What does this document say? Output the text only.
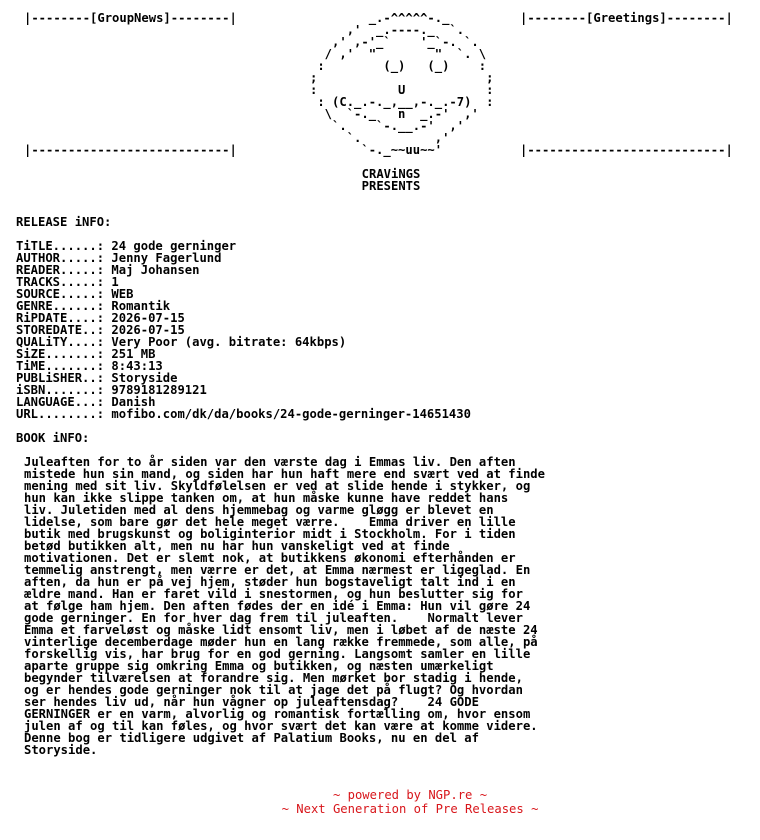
|--------[GroupNews]--------|	|--------[Greetings]--------|
_.-^^^^^-._
,'  _.----._  `.
,' ,-'_`    '_`-. `.
/ ,'  "        "  `. \
:        (_)   (_)    :
;                       ;
:           U           :
: (C._.-._,__,-._.-7)  :
\  `-._   n  _.-'  ,'
`.    `-.__.-'  ,'
`.          ,'
`-._~~uu~~'
|---------------------------|	|---------------------------|
CRAViNGS
PRESENTS
RELEASE iNFO:
TiTLE......: 24 gode gerninger
AUTHOR.....: Jenny Fagerlund
READER.....: Maj Johansen
TRACKS.....: 1
SOURCE.....: WEB
GENRE......: Romantik
RiPDATE....: 2026-07-15
STOREDATE..: 2026-07-15
QUALiTY....: Very Poor (avg. bitrate: 64kbps)
SiZE.......: 251 MB
TiME.......: 8:43:13
PUBLiSHER..: Storyside
iSBN.......: 9789181289121
LANGUAGE...: Danish
URL........: mofibo.com/dk/da/books/24-gode-gerninger-14651430
BOOK iNFO:
Juleaften for to år siden var den værste dag i Emmas liv. Den aften
mistede hun sin mand, og siden har hun haft mere end svært ved at finde
mening med sit liv. Skyldfølelsen er ved at slide hende i stykker, og
hun kan ikke slippe tanken om, at hun måske kunne have reddet hans
liv. Juletiden med al dens hjemmebag og varme gløgg er blevet en
lidelse, som bare gør det hele meget værre.    Emma driver en lille
butik med brugskunst og boliginterior midt i Stockholm. For i tiden
betød butikken alt, men nu har hun vanskeligt ved at finde
motivationen. Det er slemt nok, at butikkens økonomi efterhånden er
temmelig anstrengt, men værre er det, at Emma nærmest er ligeglad. En
aften, da hun er på vej hjem, støder hun bogstaveligt talt ind i en
ældre mand. Han er faret vild i snestormen, og hun beslutter sig for
at følge ham hjem. Den aften fødes der en idé i Emma: Hun vil gøre 24
gode gerninger. En for hver dag frem til juleaften.    Normalt lever
Emma et farveløst og måske lidt ensomt liv, men i løbet af de næste 24
vinterlige decemberdage møder hun en lang række fremmede, som alle, på
forskellig vis, har brug for en god gerning. Langsomt samler en lille
aparte gruppe sig omkring Emma og butikken, og næsten umærkeligt
begynder tilværelsen at forandre sig. Men mørket bor stadig i hende,
og er hendes gode gerninger nok til at jage det på flugt? Og hvordan
ser hendes liv ud, når hun vågner op juleaftensdag?    24 GODE
GERNINGER er en varm, alvorlig og romantisk fortælling om, hvor ensom
julen af og til kan føles, og hvor svært det kan være at komme videre.
Denne bog er tidligere udgivet af Palatium Books, nu en del af
Storyside.
~ powered by NGP.re ~
~ Next Generation of Pre Releases ~
